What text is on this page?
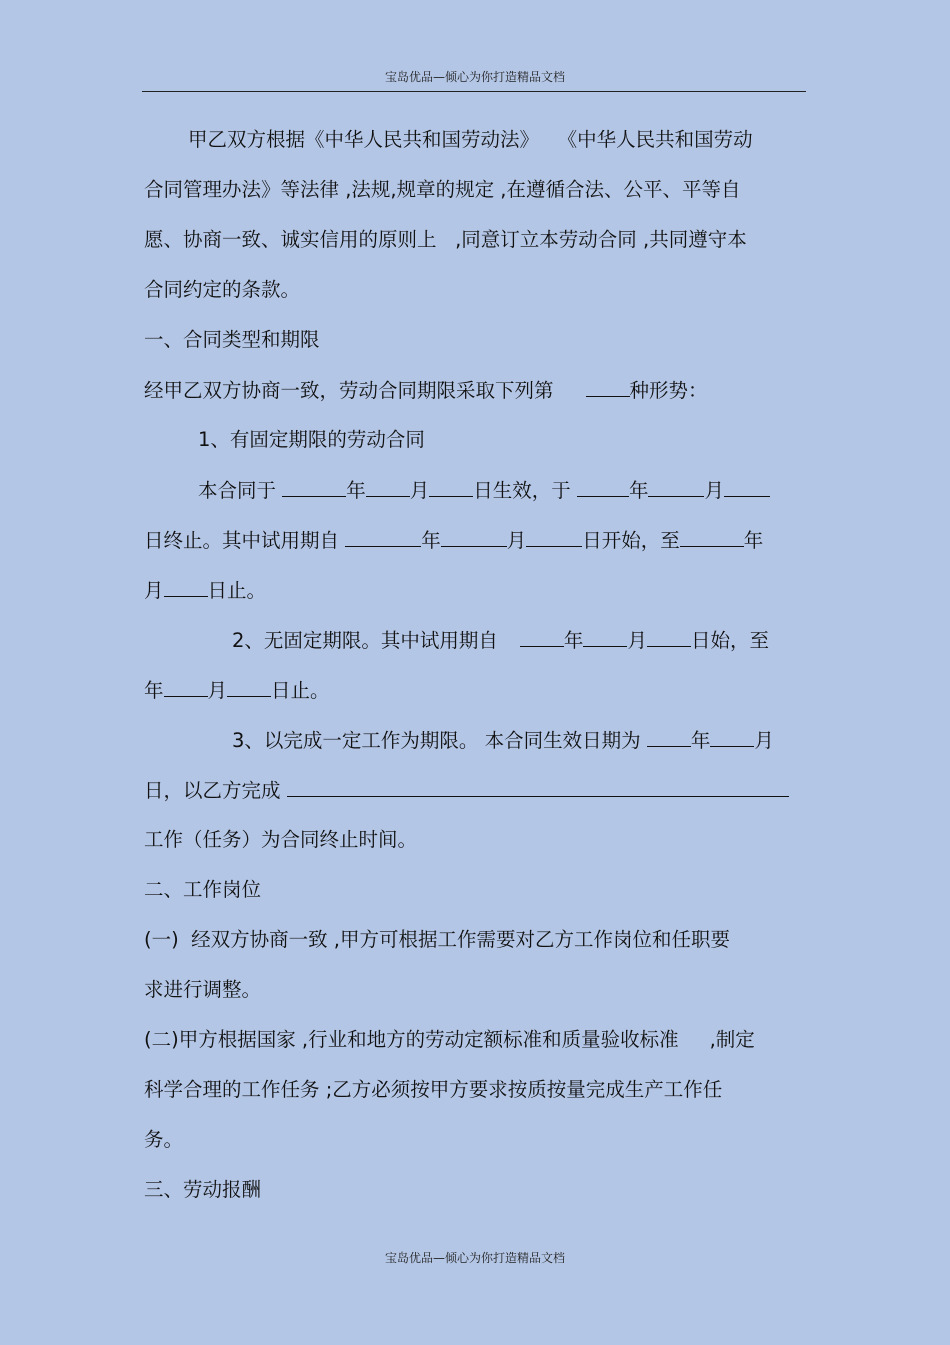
宝岛优品—倾心为你打造精品文档
甲乙双方根据《中华人民共和国劳动法》   《中华人民共和国劳动
合同管理办法》等法律 ,法规,规章的规定 ,在遵循合法、公平、平等自
愿、协商一致、诚实信用的原则上   ,同意订立本劳动合同 ,共同遵守本
合同约定的条款。
一、合同类型和期限
经甲乙双方协商一致，劳动合同期限采取下列第	种形势：
1、有固定期限的劳动合同
本合同于	年 月 日生效，于	年	月
日终止。其中试用期自	年	月	日开始，至	年
月 日止。
2、无固定期限。其中试用期自	年 月 日始，至
年 月 日止。
3、以完成一定工作为期限。 本合同生效日期为	年 月
日，以乙方完成
工作（任务）为合同终止时间。
二、工作岗位
(一)  经双方协商一致 ,甲方可根据工作需要对乙方工作岗位和任职要
求进行调整。
(二)甲方根据国家 ,行业和地方的劳动定额标准和质量验收标准     ,制定
科学合理的工作任务 ;乙方必须按甲方要求按质按量完成生产工作任
务。
三、劳动报酬
宝岛优品—倾心为你打造精品文档
